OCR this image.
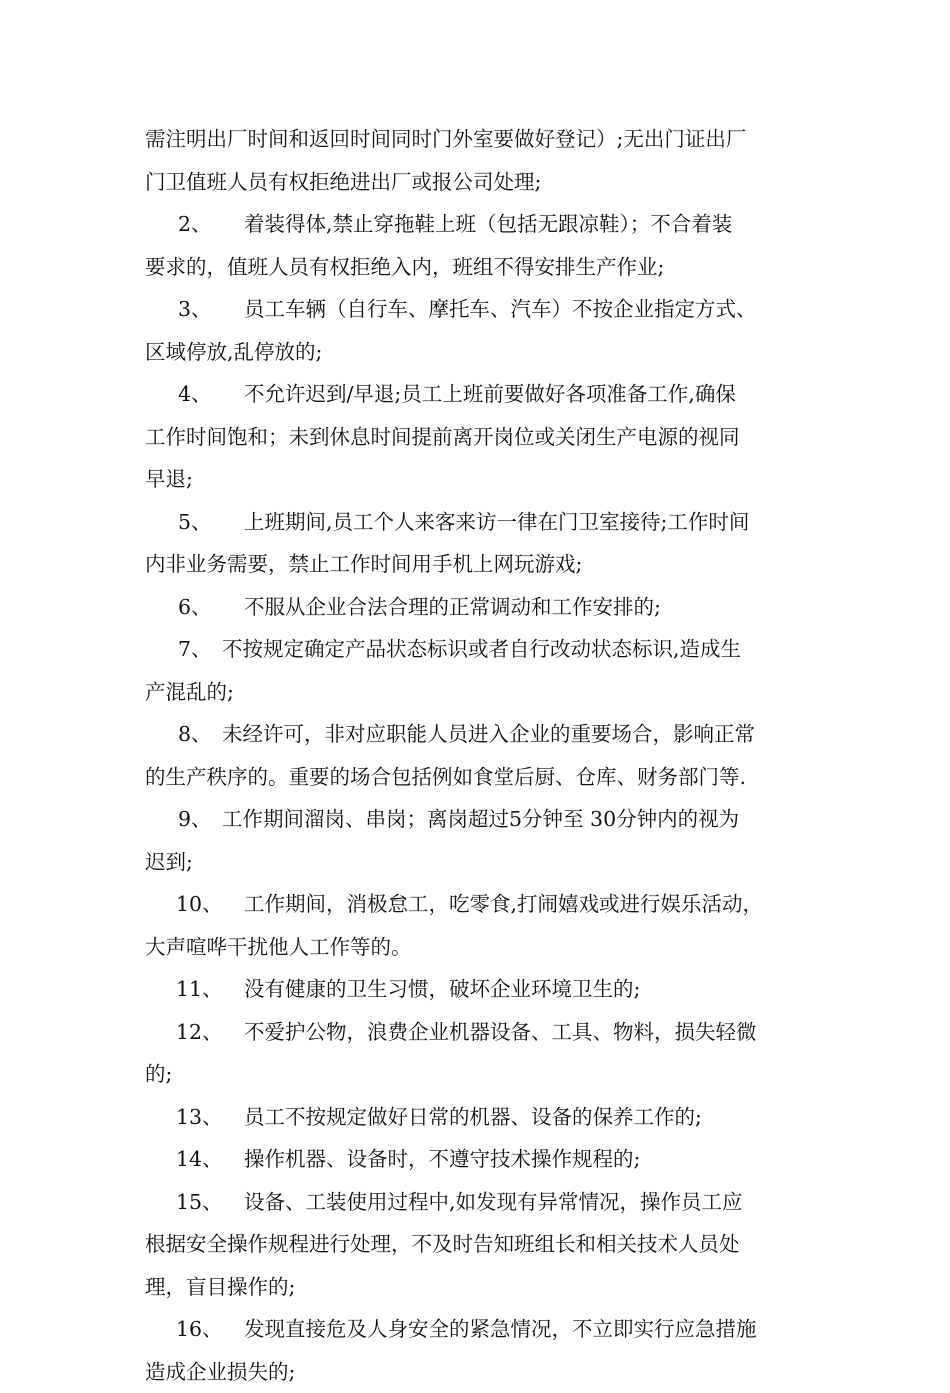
需注明出厂时间和返回时间同时门外室要做好登记）;无出门证出厂
门卫值班人员有权拒绝进出厂或报公司处理;
2、 着装得体,禁止穿拖鞋上班（包括无跟凉鞋）；不合着装
要求的，值班人员有权拒绝入内，班组不得安排生产作业;
3、 员工车辆（自行车、摩托车、汽车）不按企业指定方式、
区域停放,乱停放的;
4、 不允许迟到/早退;员工上班前要做好各项准备工作,确保
工作时间饱和；未到休息时间提前离开岗位或关闭生产电源的视同
早退;
5、 上班期间,员工个人来客来访一律在门卫室接待;工作时间
内非业务需要，禁止工作时间用手机上网玩游戏;
6、 不服从企业合法合理的正常调动和工作安排的;
7、 不按规定确定产品状态标识或者自行改动状态标识,造成生
产混乱的;
8、 未经许可，非对应职能人员进入企业的重要场合，影响正常
的生产秩序的。重要的场合包括例如食堂后厨、仓库、财务部门等.
9、 工作期间溜岗、串岗；离岗超过5分钟至 30分钟内的视为
迟到;
10、 工作期间，消极怠工，吃零食,打闹嬉戏或进行娱乐活动，
大声喧哗干扰他人工作等的。
11、 没有健康的卫生习惯，破坏企业环境卫生的;
12、 不爱护公物，浪费企业机器设备、工具、物料，损失轻微
的;
13、 员工不按规定做好日常的机器、设备的保养工作的;
14、 操作机器、设备时，不遵守技术操作规程的;
15、 设备、工装使用过程中,如发现有异常情况，操作员工应
根据安全操作规程进行处理，不及时告知班组长和相关技术人员处
理，盲目操作的;
16、 发现直接危及人身安全的紧急情况，不立即实行应急措施
造成企业损失的;
